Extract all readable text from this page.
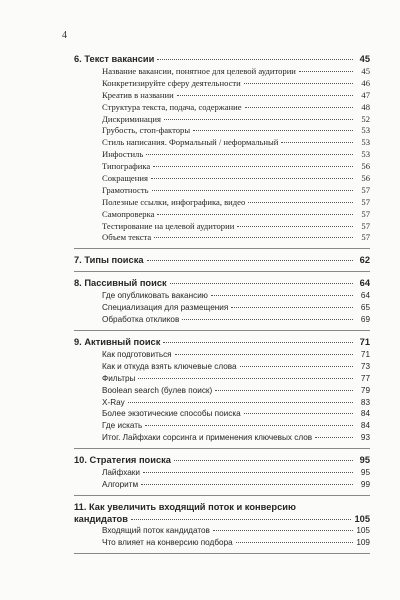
4
6. Текст вакансии	45
Название вакансии, понятное для целевой аудитории	45
Конкретизируйте сферу деятельности	46
Креатив в названии	47
Структура текста, подача, содержание	48
Дискриминация	52
Грубость, стоп-факторы	53
Стиль написания. Формальный / неформальный	53
Инфостиль	53
Типографика	56
Сокращения	56
Грамотность	57
Полезные ссылки, инфографика, видео	57
Самопроверка	57
Тестирование на целевой аудитории	57
Объем текста	57
7. Типы поиска	62
8. Пассивный поиск	64
Где опубликовать вакансию	64
Специализация для размещения	65
Обработка откликов	69
9. Активный поиск	71
Как подготовиться	71
Как и откуда взять ключевые слова	73
Фильтры	77
Boolean search (булев поиск)	79
X-Ray	83
Более экзотические способы поиска	84
Где искать	84
Итог. Лайфхаки сорсинга и применения ключевых слов	93
10. Стратегия поиска	95
Лайфхаки	95
Алгоритм	99
11. Как увеличить входящий поток и конверсию
кандидатов	105
Входящий поток кандидатов	105
Что влияет на конверсию подбора	109
